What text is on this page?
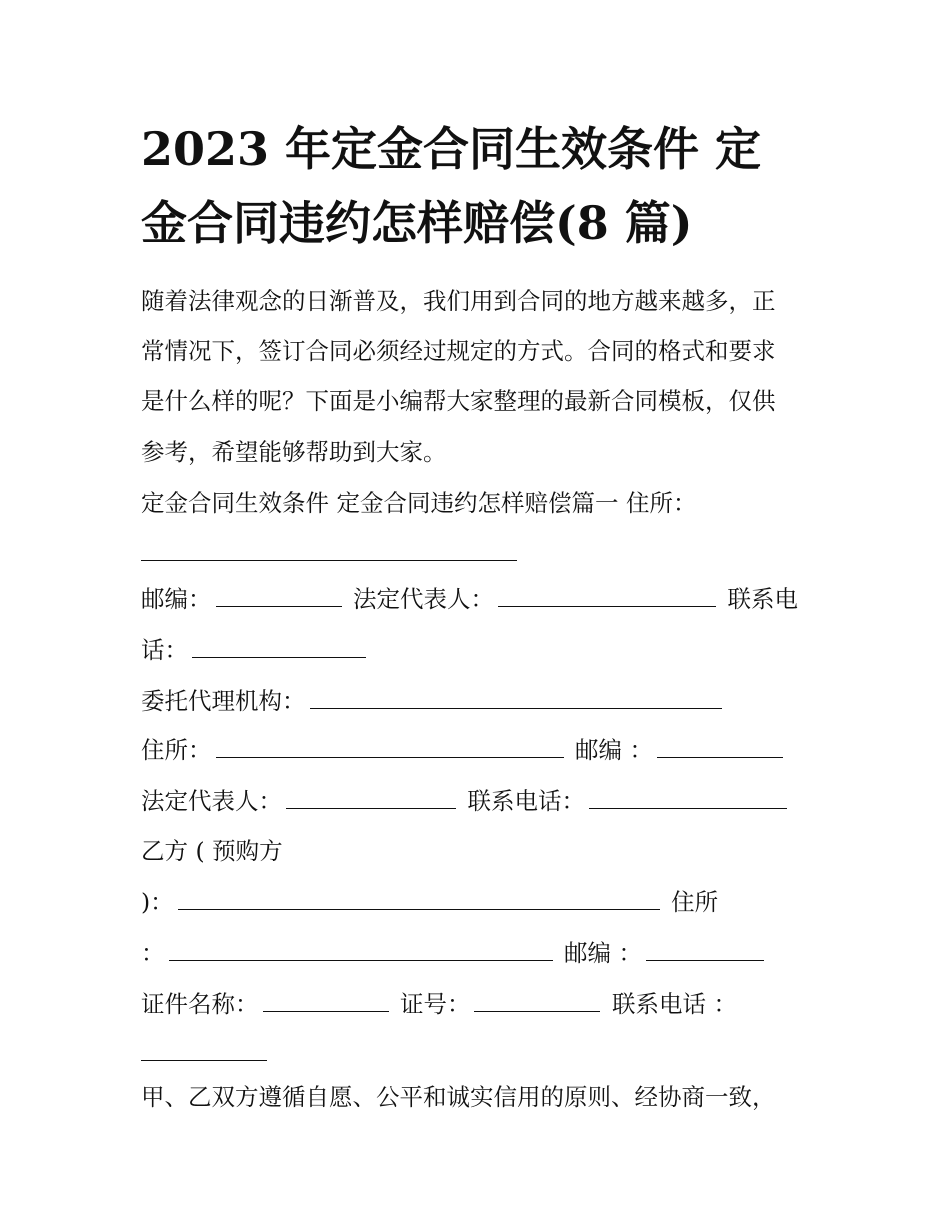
2023 年定金合同生效条件 定
金合同违约怎样赔偿(8 篇)
随着法律观念的日渐普及，我们用到合同的地方越来越多，正
常情况下，签订合同必须经过规定的方式。合同的格式和要求
是什么样的呢？下面是小编帮大家整理的最新合同模板，仅供
参考，希望能够帮助到大家。
定金合同生效条件 定金合同违约怎样赔偿篇一 住所：
邮编：	法定代表人：	联系电
话：
委托代理机构：
住所：	邮编 ：
法定代表人：	联系电话：
乙方 ( 预购方
)：	住所
：	邮编 ：
证件名称：	证号：	联系电话 ：
甲、乙双方遵循自愿、公平和诚实信用的原则、经协商一致，
